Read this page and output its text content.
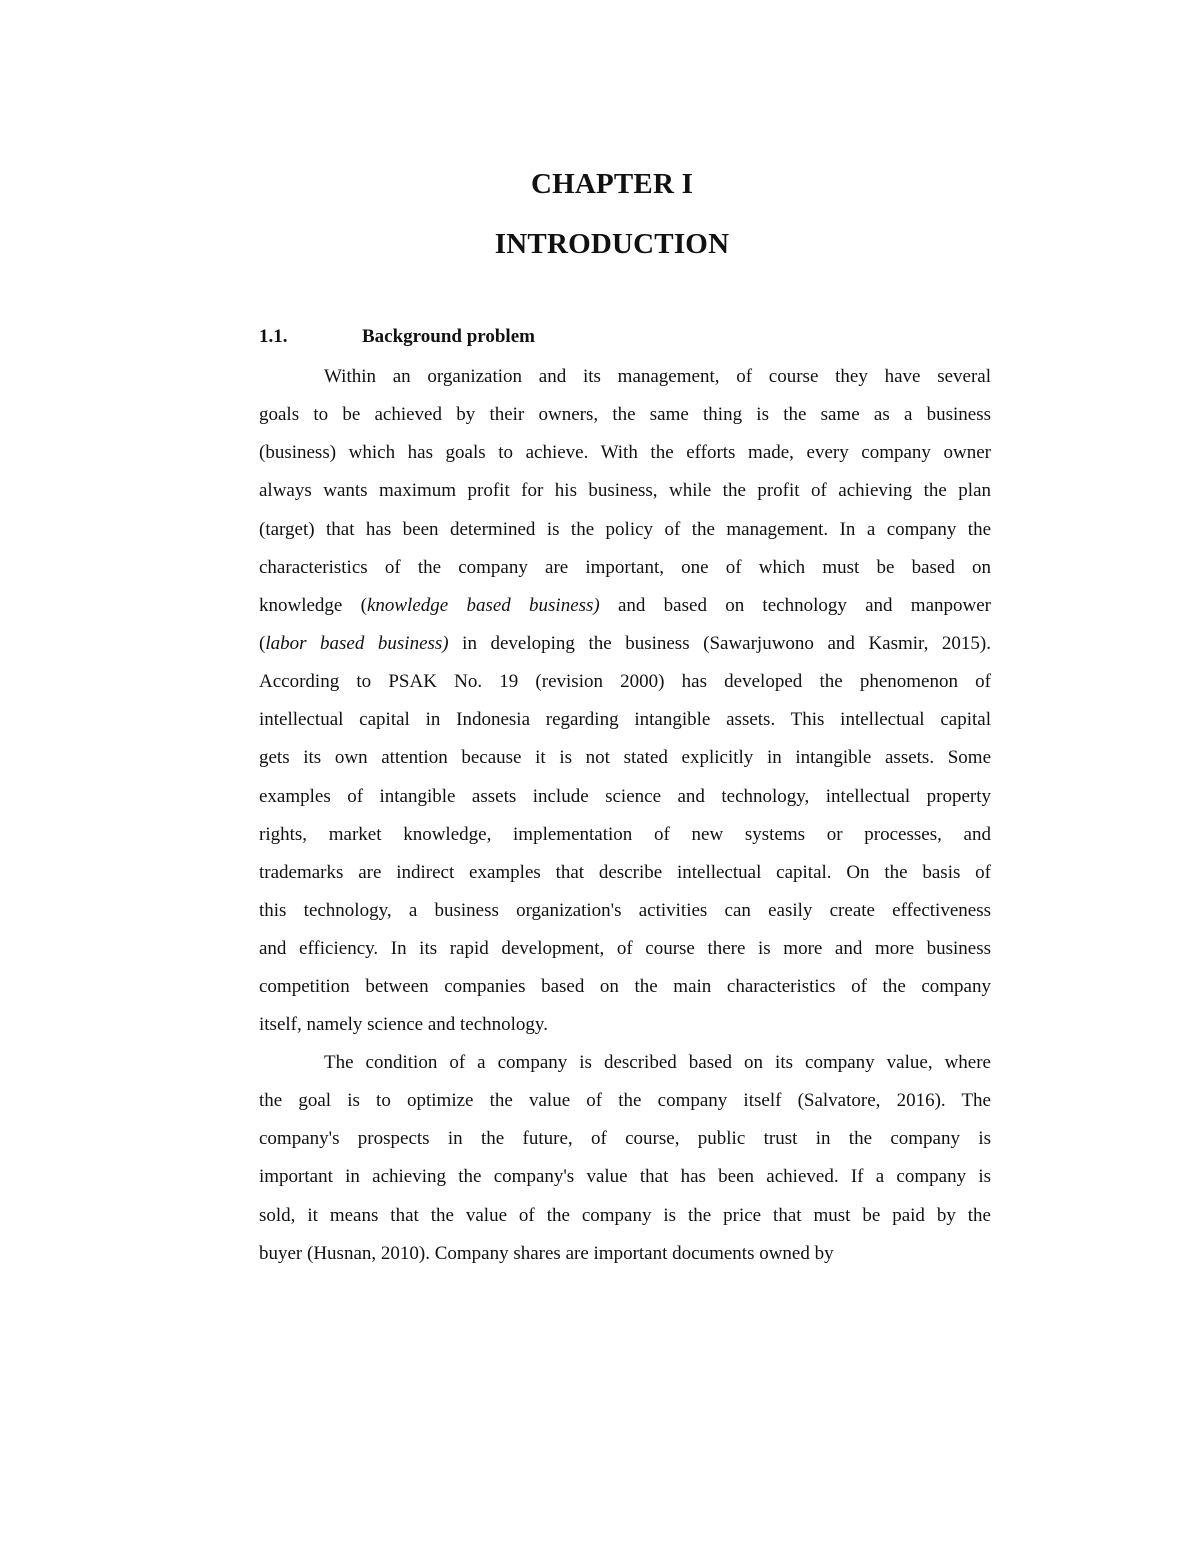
CHAPTER I
INTRODUCTION
1.1.	Background problem
Within an organization and its management, of course they have several
goals to be achieved by their owners, the same thing is the same as a business
(business) which has goals to achieve. With the efforts made, every company owner
always wants maximum profit for his business, while the profit of achieving the plan
(target) that has been determined is the policy of the management. In a company the
characteristics of the company are important, one of which must be based on
knowledge (knowledge based business) and based on technology and manpower
(labor based business) in developing the business (Sawarjuwono and Kasmir, 2015).
According to PSAK No. 19 (revision 2000) has developed the phenomenon of
intellectual capital in Indonesia regarding intangible assets. This intellectual capital
gets its own attention because it is not stated explicitly in intangible assets. Some
examples of intangible assets include science and technology, intellectual property
rights, market knowledge, implementation of new systems or processes, and
trademarks are indirect examples that describe intellectual capital. On the basis of
this technology, a business organization's activities can easily create effectiveness
and efficiency. In its rapid development, of course there is more and more business
competition between companies based on the main characteristics of the company
itself, namely science and technology.
The condition of a company is described based on its company value, where
the goal is to optimize the value of the company itself (Salvatore, 2016). The
company's prospects in the future, of course, public trust in the company is
important in achieving the company's value that has been achieved. If a company is
sold, it means that the value of the company is the price that must be paid by the
buyer (Husnan, 2010). Company shares are important documents owned by
